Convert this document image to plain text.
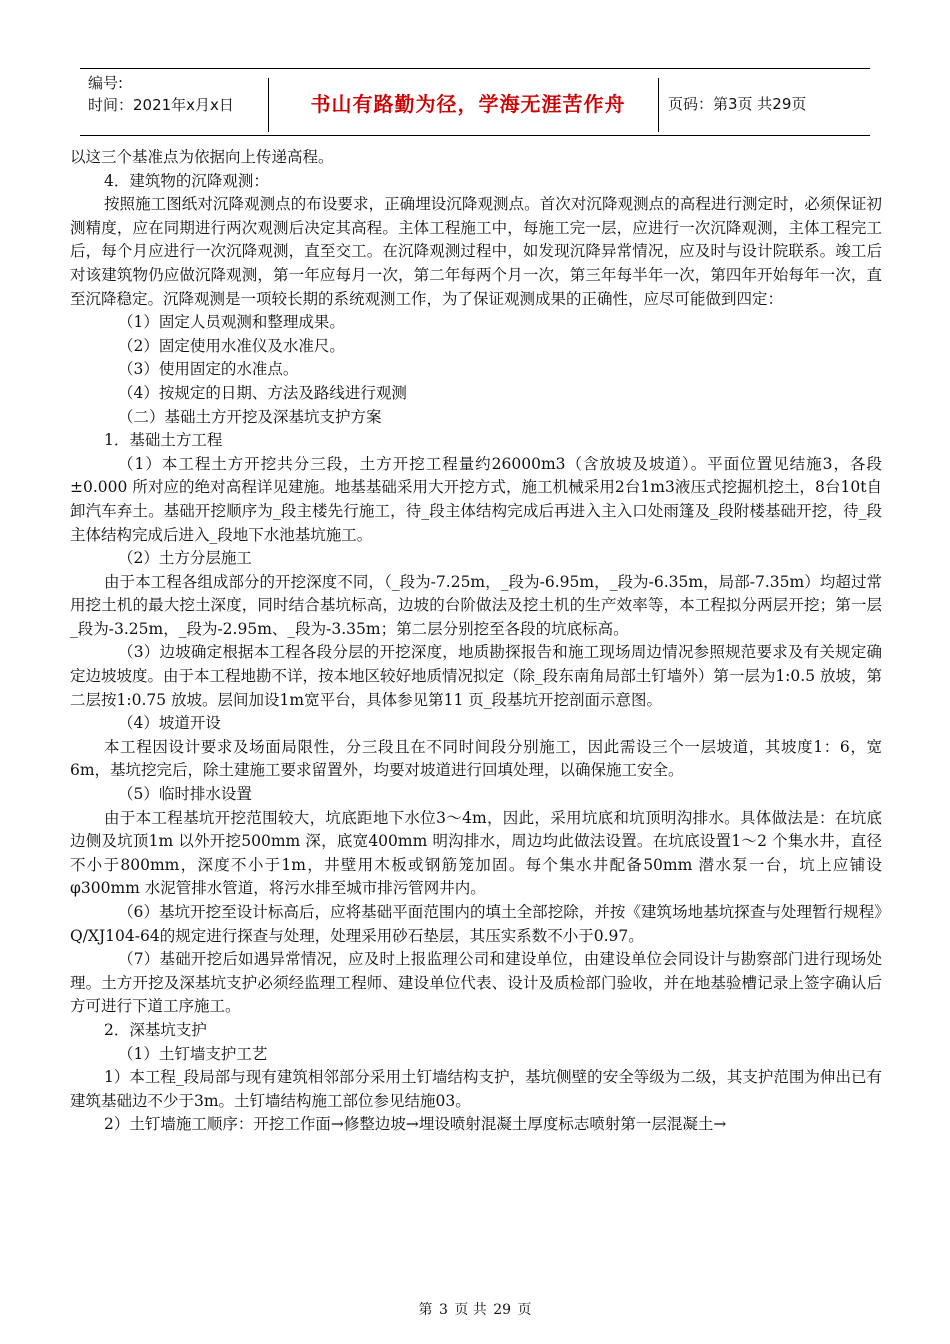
编号:
时间：2021年x月x日	书山有路勤为径，学海无涯苦作舟	页码：第3页 共29页

以这三个基准点为依据向上传递高程。

4．建筑物的沉降观测：

按照施工图纸对沉降观测点的布设要求，正确埋设沉降观测点。首次对沉降观测点的高程进行测定时，必须保证初测精度，应在同期进行两次观测后决定其高程。主体工程施工中，每施工完一层，应进行一次沉降观测，主体工程完工后，每个月应进行一次沉降观测，直至交工。在沉降观测过程中，如发现沉降异常情况，应及时与设计院联系。竣工后对该建筑物仍应做沉降观测，第一年应每月一次，第二年每两个月一次，第三年每半年一次，第四年开始每年一次，直至沉降稳定。沉降观测是一项较长期的系统观测工作，为了保证观测成果的正确性，应尽可能做到四定：

（1）固定人员观测和整理成果。

（2）固定使用水准仪及水准尺。

（3）使用固定的水准点。

（4）按规定的日期、方法及路线进行观测

（二）基础土方开挖及深基坑支护方案

1．基础土方工程

（1）本工程土方开挖共分三段，土方开挖工程量约26000m3（含放坡及坡道）。平面位置见结施3，各段±0.000 所对应的绝对高程详见建施。地基基础采用大开挖方式，施工机械采用2台1m3液压式挖掘机挖土，8台10t自卸汽车弃土。基础开挖顺序为_段主楼先行施工，待_段主体结构完成后再进入主入口处雨篷及_段附楼基础开挖，待_段主体结构完成后进入_段地下水池基坑施工。

（2）土方分层施工

由于本工程各组成部分的开挖深度不同，（_段为-7.25m，_段为-6.95m，_段为-6.35m，局部-7.35m）均超过常用挖土机的最大挖土深度，同时结合基坑标高，边坡的台阶做法及挖土机的生产效率等，本工程拟分两层开挖；第一层_段为-3.25m，_段为-2.95m、_段为-3.35m；第二层分别挖至各段的坑底标高。

（3）边坡确定根据本工程各段分层的开挖深度，地质勘探报告和施工现场周边情况参照规范要求及有关规定确定边坡坡度。由于本工程地勘不详，按本地区较好地质情况拟定（除_段东南角局部土钉墙外）第一层为1:0.5 放坡，第二层按1:0.75 放坡。层间加设1m宽平台，具体参见第11 页_段基坑开挖剖面示意图。

（4）坡道开设

本工程因设计要求及场面局限性，分三段且在不同时间段分别施工，因此需设三个一层坡道，其坡度1：6，宽6m，基坑挖完后，除土建施工要求留置外，均要对坡道进行回填处理，以确保施工安全。

（5）临时排水设置

由于本工程基坑开挖范围较大，坑底距地下水位3～4m，因此，采用坑底和坑顶明沟排水。具体做法是：在坑底边侧及坑顶1m 以外开挖500mm 深，底宽400mm 明沟排水，周边均此做法设置。在坑底设置1～2 个集水井，直径不小于800mm，深度不小于1m，井壁用木板或钢筋笼加固。每个集水井配备50mm 潜水泵一台，坑上应铺设 φ300mm 水泥管排水管道，将污水排至城市排污管网井内。

（6）基坑开挖至设计标高后，应将基础平面范围内的填土全部挖除，并按《建筑场地基坑探查与处理暂行规程》Q/XJ104-64的规定进行探查与处理，处理采用砂石垫层，其压实系数不小于0.97。

（7）基础开挖后如遇异常情况，应及时上报监理公司和建设单位，由建设单位会同设计与勘察部门进行现场处理。土方开挖及深基坑支护必须经监理工程师、建设单位代表、设计及质检部门验收，并在地基验槽记录上签字确认后方可进行下道工序施工。

2．深基坑支护

（1）土钉墙支护工艺

1）本工程_段局部与现有建筑相邻部分采用土钉墙结构支护，基坑侧壁的安全等级为二级，其支护范围为伸出已有建筑基础边不少于3m。土钉墙结构施工部位参见结施03。

2）土钉墙施工顺序：开挖工作面→修整边坡→埋设喷射混凝土厚度标志喷射第一层混凝土→

第 3 页 共 29 页
